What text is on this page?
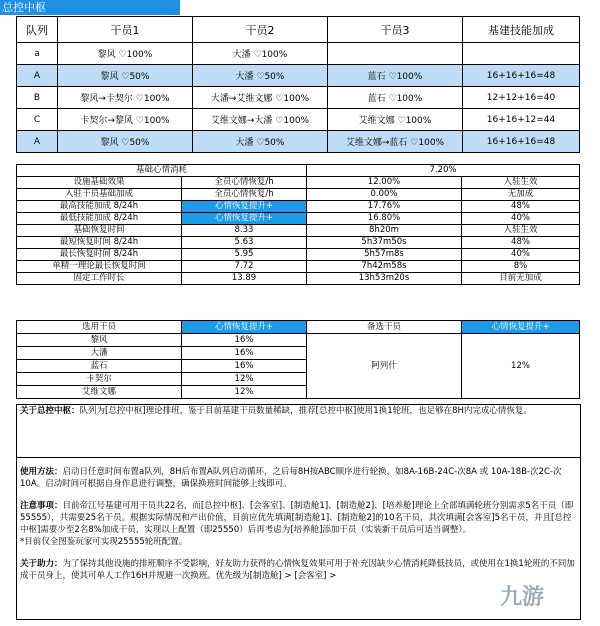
总控中枢
队列	干员1	干员2	干员3	基建技能加成
a	黎风 ♡100%	大潘 ♡100%		
A	黎风 ♡50%	大潘 ♡50%	蓝石 ♡100%	16+16+16=48
B	黎风→卡契尔 ♡100%	大潘→艾维文娜 ♡100%	蓝石 ♡100%	12+12+16=40
C	卡契尔→黎风 ♡100%	艾维文娜→大潘 ♡100%	艾维文娜 ♡100%	16+16+12=44
A	黎风 ♡50%	大潘 ♡50%	艾维文娜→蓝石 ♡100%	16+16+16=48
基础心情消耗		7.20%	
设施基础效果	全员心情恢复/h	12.00%	入驻生效
入驻干员基础加成	全员心情恢复/h	0.00%	无加成
最高技能加成 8/24h	心情恢复提升+	17.76%	48%
最低技能加成 8/24h	心情恢复提升+	16.80%	40%
基础恢复时间	8.33	8h20m	入驻生效
最短恢复时间 8/24h	5.63	5h37m50s	48%
最长恢复时间 8/24h	5.95	5h57m8s	40%
单精一理论最长恢复时间	7.72	7h42m58s	8%
固定工作时长	13.89	13h53m20s	目前无加成
选用干员	心情恢复提升+	备选干员	心情恢复提升+
黎风	16%	阿列什	12%
大潘	16%		
蓝石	16%		
卡契尔	12%		
艾维文娜	12%		

关于总控中枢：队列为[总控中枢]理论排班，鉴于目前基建干员数量稀缺，推荐[总控中枢]使用1换1轮班，也足够在8H内完成心情恢复。

使用方法：启动日任意时间布置a队列，8H后布置A队列启动循环，之后每8H按ABC顺序进行轮换，如8A-16B-24C-次8A 或 10A-18B-次2C-次10A。启动时间可根据自身作息进行调整，确保换班时间能够上线即可。

注意事项：目前帝江号基建可用干员共22名，而[总控中枢]、[会客室]、[制造舱1]、[制造舱2]、[培养舱]理论上全部填满轮班分别需求5名干员（即55555），共需要25名干员。根据实际情况和产出价值，目前应优先填满[制造舱1]、[制造舱2]的10名干员，其次填满[会客室]5名干员，并且[总控中枢]需要少至2名8%加成干员，实现以上配置（即25550）后再考虑为[培养舱]添加干员（实装新干员后可适当调整）。

*目前仅全图鉴玩家可实现25555轮班配置。

关于助力：为了保持其他设施的排班顺序不受影响，好友助力获得的心情恢复效果可用于补充因缺少心情消耗降低技员，或使用在1换1轮班的不同加成干员身上，使其可单人工作16H并规避一次换班。优先级为[制造舱] > [会客室] >

九游
